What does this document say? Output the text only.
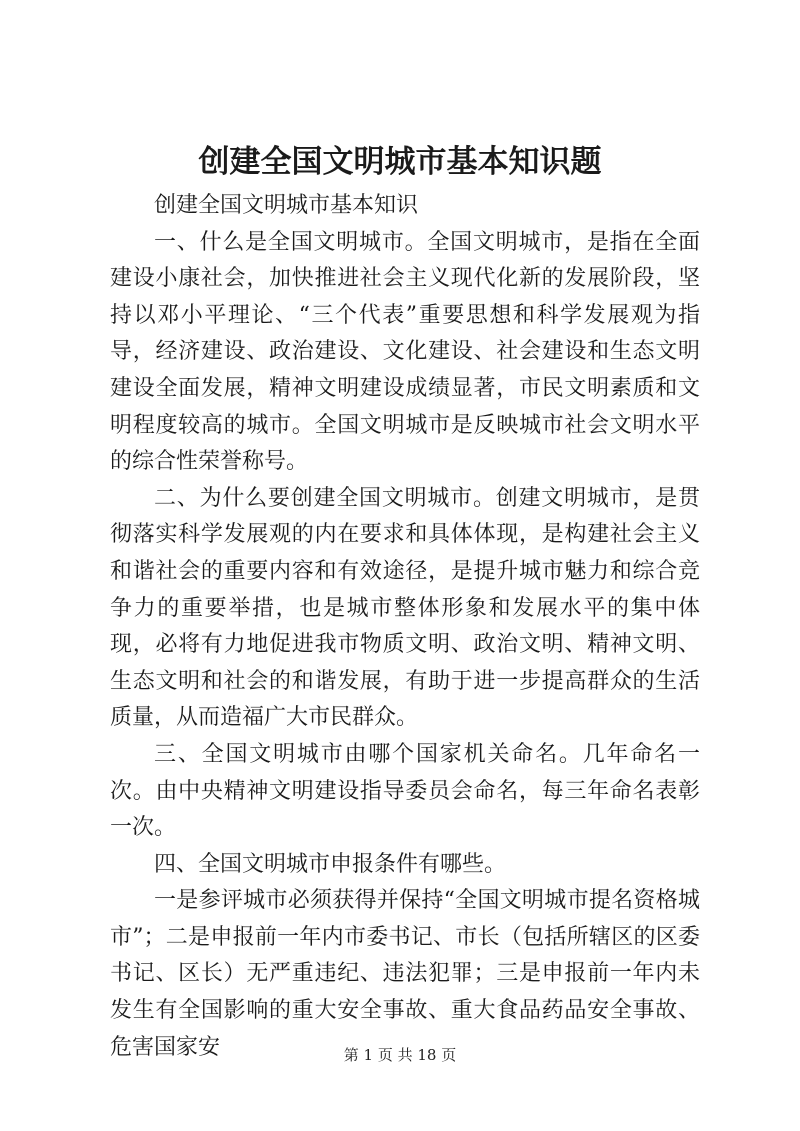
创建全国文明城市基本知识题

创建全国文明城市基本知识

一、什么是全国文明城市。全国文明城市，是指在全面建设小康社会，加快推进社会主义现代化新的发展阶段，坚持以邓小平理论、“三个代表”重要思想和科学发展观为指导，经济建设、政治建设、文化建设、社会建设和生态文明建设全面发展，精神文明建设成绩显著，市民文明素质和文明程度较高的城市。全国文明城市是反映城市社会文明水平的综合性荣誉称号。

二、为什么要创建全国文明城市。创建文明城市，是贯彻落实科学发展观的内在要求和具体体现，是构建社会主义和谐社会的重要内容和有效途径，是提升城市魅力和综合竞争力的重要举措，也是城市整体形象和发展水平的集中体现，必将有力地促进我市物质文明、政治文明、精神文明、生态文明和社会的和谐发展，有助于进一步提高群众的生活质量，从而造福广大市民群众。

三、全国文明城市由哪个国家机关命名。几年命名一次。由中央精神文明建设指导委员会命名，每三年命名表彰一次。

四、全国文明城市申报条件有哪些。

一是参评城市必须获得并保持“全国文明城市提名资格城市”；二是申报前一年内市委书记、市长（包括所辖区的区委书记、区长）无严重违纪、违法犯罪；三是申报前一年内未发生有全国影响的重大安全事故、重大食品药品安全事故、危害国家安	第 1 页 共 18 页
